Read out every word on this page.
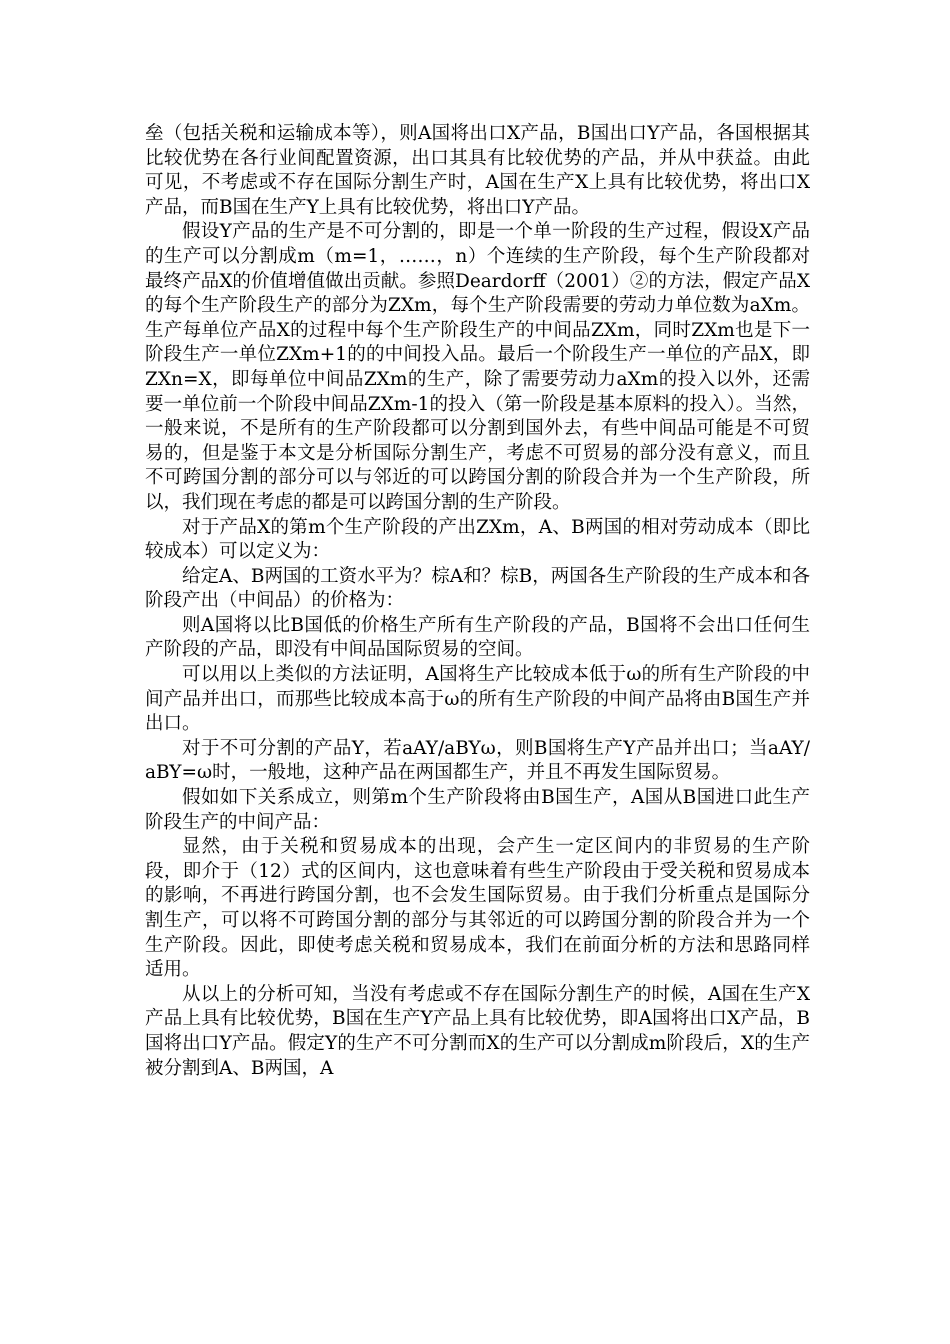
垒（包括关税和运输成本等），则A国将出口X产品，B国出口Y产品，各国根据其比较优势在各行业间配置资源，出口其具有比较优势的产品，并从中获益。由此可见，不考虑或不存在国际分割生产时，A国在生产X上具有比较优势，将出口X产品，而B国在生产Y上具有比较优势，将出口Y产品。

假设Y产品的生产是不可分割的，即是一个单一阶段的生产过程，假设X产品的生产可以分割成m（m=1，……，n）个连续的生产阶段，每个生产阶段都对最终产品X的价值增值做出贡献。参照Deardorff（2001）②的方法，假定产品X的每个生产阶段生产的部分为ZXm，每个生产阶段需要的劳动力单位数为aXm。生产每单位产品X的过程中每个生产阶段生产的中间品ZXm，同时ZXm也是下一阶段生产一单位ZXm+1的的中间投入品。最后一个阶段生产一单位的产品X，即ZXn=X，即每单位中间品ZXm的生产，除了需要劳动力aXm的投入以外，还需要一单位前一个阶段中间品ZXm-1的投入（第一阶段是基本原料的投入）。当然，一般来说，不是所有的生产阶段都可以分割到国外去，有些中间品可能是不可贸易的，但是鉴于本文是分析国际分割生产，考虑不可贸易的部分没有意义，而且不可跨国分割的部分可以与邻近的可以跨国分割的阶段合并为一个生产阶段，所以，我们现在考虑的都是可以跨国分割的生产阶段。

对于产品X的第m个生产阶段的产出ZXm，A、B两国的相对劳动成本（即比较成本）可以定义为：

给定A、B两国的工资水平为？棕A和？棕B，两国各生产阶段的生产成本和各阶段产出（中间品）的价格为：

则A国将以比B国低的价格生产所有生产阶段的产品，B国将不会出口任何生产阶段的产品，即没有中间品国际贸易的空间。

可以用以上类似的方法证明，A国将生产比较成本低于ω的所有生产阶段的中间产品并出口，而那些比较成本高于ω的所有生产阶段的中间产品将由B国生产并出口。

对于不可分割的产品Y，若aAY/aBYω，则B国将生产Y产品并出口；当aAY/aBY=ω时，一般地，这种产品在两国都生产，并且不再发生国际贸易。

假如如下关系成立，则第m个生产阶段将由B国生产，A国从B国进口此生产阶段生产的中间产品：

显然，由于关税和贸易成本的出现，会产生一定区间内的非贸易的生产阶段，即介于（12）式的区间内，这也意味着有些生产阶段由于受关税和贸易成本的影响，不再进行跨国分割，也不会发生国际贸易。由于我们分析重点是国际分割生产，可以将不可跨国分割的部分与其邻近的可以跨国分割的阶段合并为一个生产阶段。因此，即使考虑关税和贸易成本，我们在前面分析的方法和思路同样适用。

从以上的分析可知，当没有考虑或不存在国际分割生产的时候，A国在生产X产品上具有比较优势，B国在生产Y产品上具有比较优势，即A国将出口X产品，B国将出口Y产品。假定Y的生产不可分割而X的生产可以分割成m阶段后，X的生产被分割到A、B两国，A
